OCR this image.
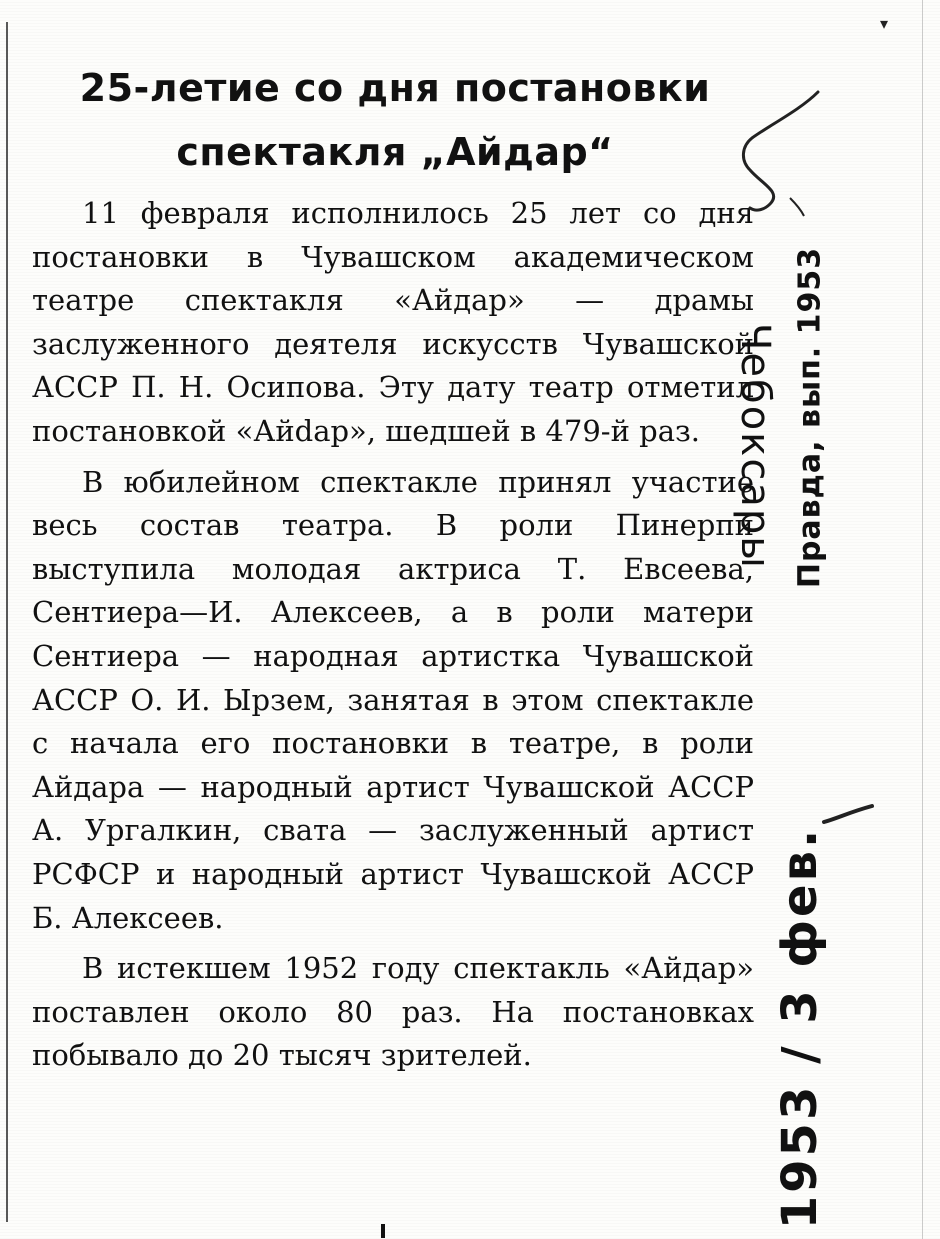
▾
25-летие со дня постановки
спектакля „Айдар“

11 февраля исполнилось 25 лет со дня постановки в Чувашском академическом театре спектакля «Айдар» — драмы заслуженного деятеля искусств Чувашской АССР П. Н. Осипова. Эту дату театр отметил постановкой «Айdар», шедшей в 479-й раз.

В юбилейном спектакле принял участие весь состав театра. В роли Пинерпи выступила молодая актриса Т. Евсеева, Сентиера—И. Алексеев, а в роли матери Сентиера — народная артистка Чувашской АССР О. И. Ырзем, занятая в этом спектакле с начала его постановки в театре, в роли Айдара — народный артист Чувашской АССР А. Ургалкин, свата — заслуженный артист РСФСР и народный артист Чувашской АССР Б. Алексеев.

В истекшем 1952 году спектакль «Айдар» поставлен около 80 раз. На постановках побывало до 20 тысяч зрителей.

Чебоксары Правда, вып. 1953
1953 / 3 фев.
